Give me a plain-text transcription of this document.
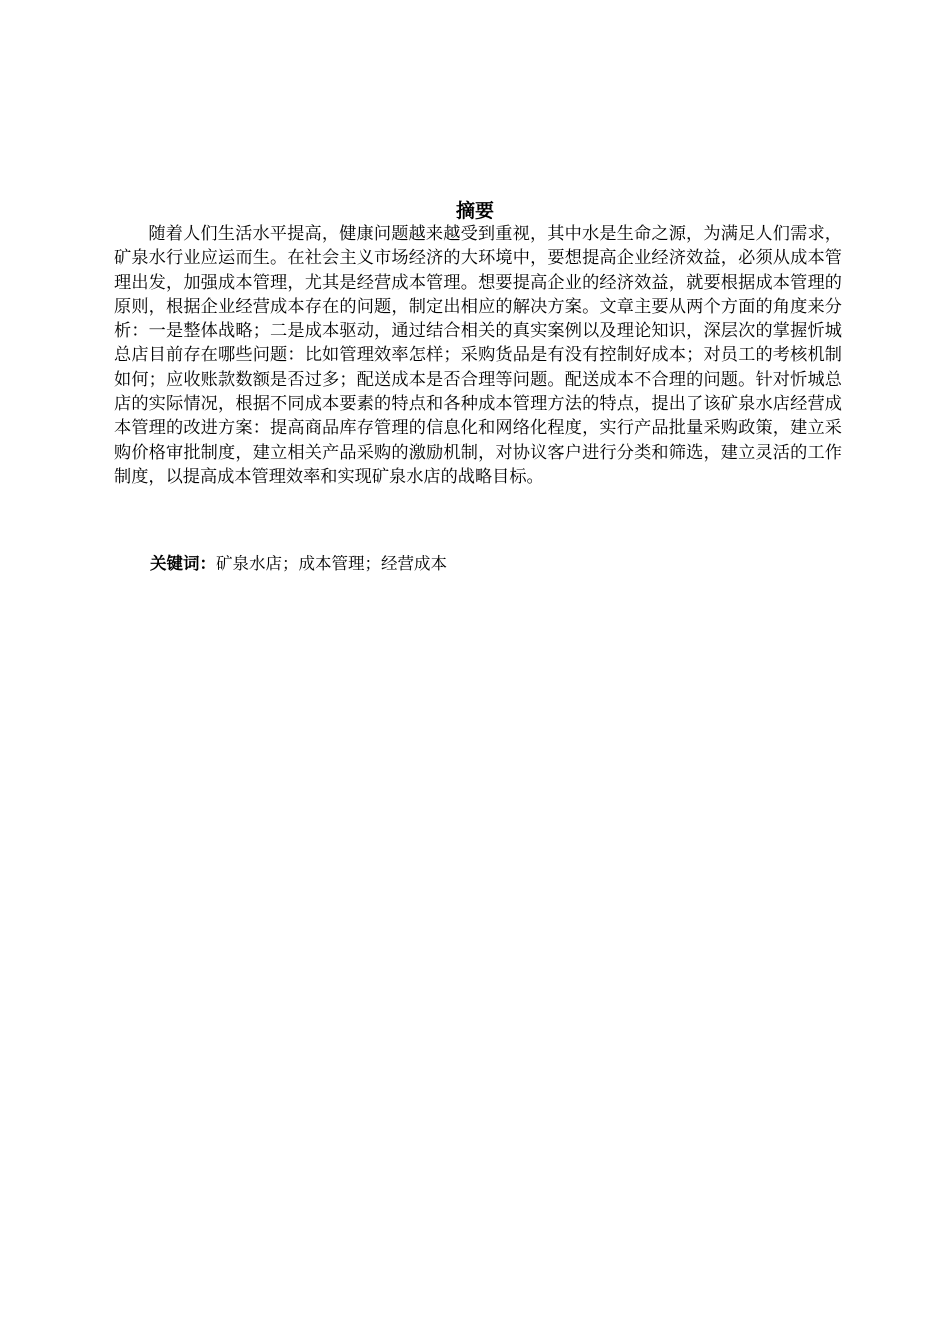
摘要

随着人们生活水平提高，健康问题越来越受到重视，其中水是生命之源，为满足人们需求，矿泉水行业应运而生。在社会主义市场经济的大环境中，要想提高企业经济效益，必须从成本管理出发，加强成本管理，尤其是经营成本管理。想要提高企业的经济效益，就要根据成本管理的原则，根据企业经营成本存在的问题，制定出相应的解决方案。文章主要从两个方面的角度来分析：一是整体战略；二是成本驱动，通过结合相关的真实案例以及理论知识，深层次的掌握忻城总店目前存在哪些问题：比如管理效率怎样；采购货品是有没有控制好成本；对员工的考核机制如何；应收账款数额是否过多；配送成本是否合理等问题。配送成本不合理的问题。针对忻城总店的实际情况，根据不同成本要素的特点和各种成本管理方法的特点，提出了该矿泉水店经营成本管理的改进方案：提高商品库存管理的信息化和网络化程度，实行产品批量采购政策，建立采购价格审批制度，建立相关产品采购的激励机制，对协议客户进行分类和筛选，建立灵活的工作制度，以提高成本管理效率和实现矿泉水店的战略目标。

关键词：矿泉水店；成本管理；经营成本
